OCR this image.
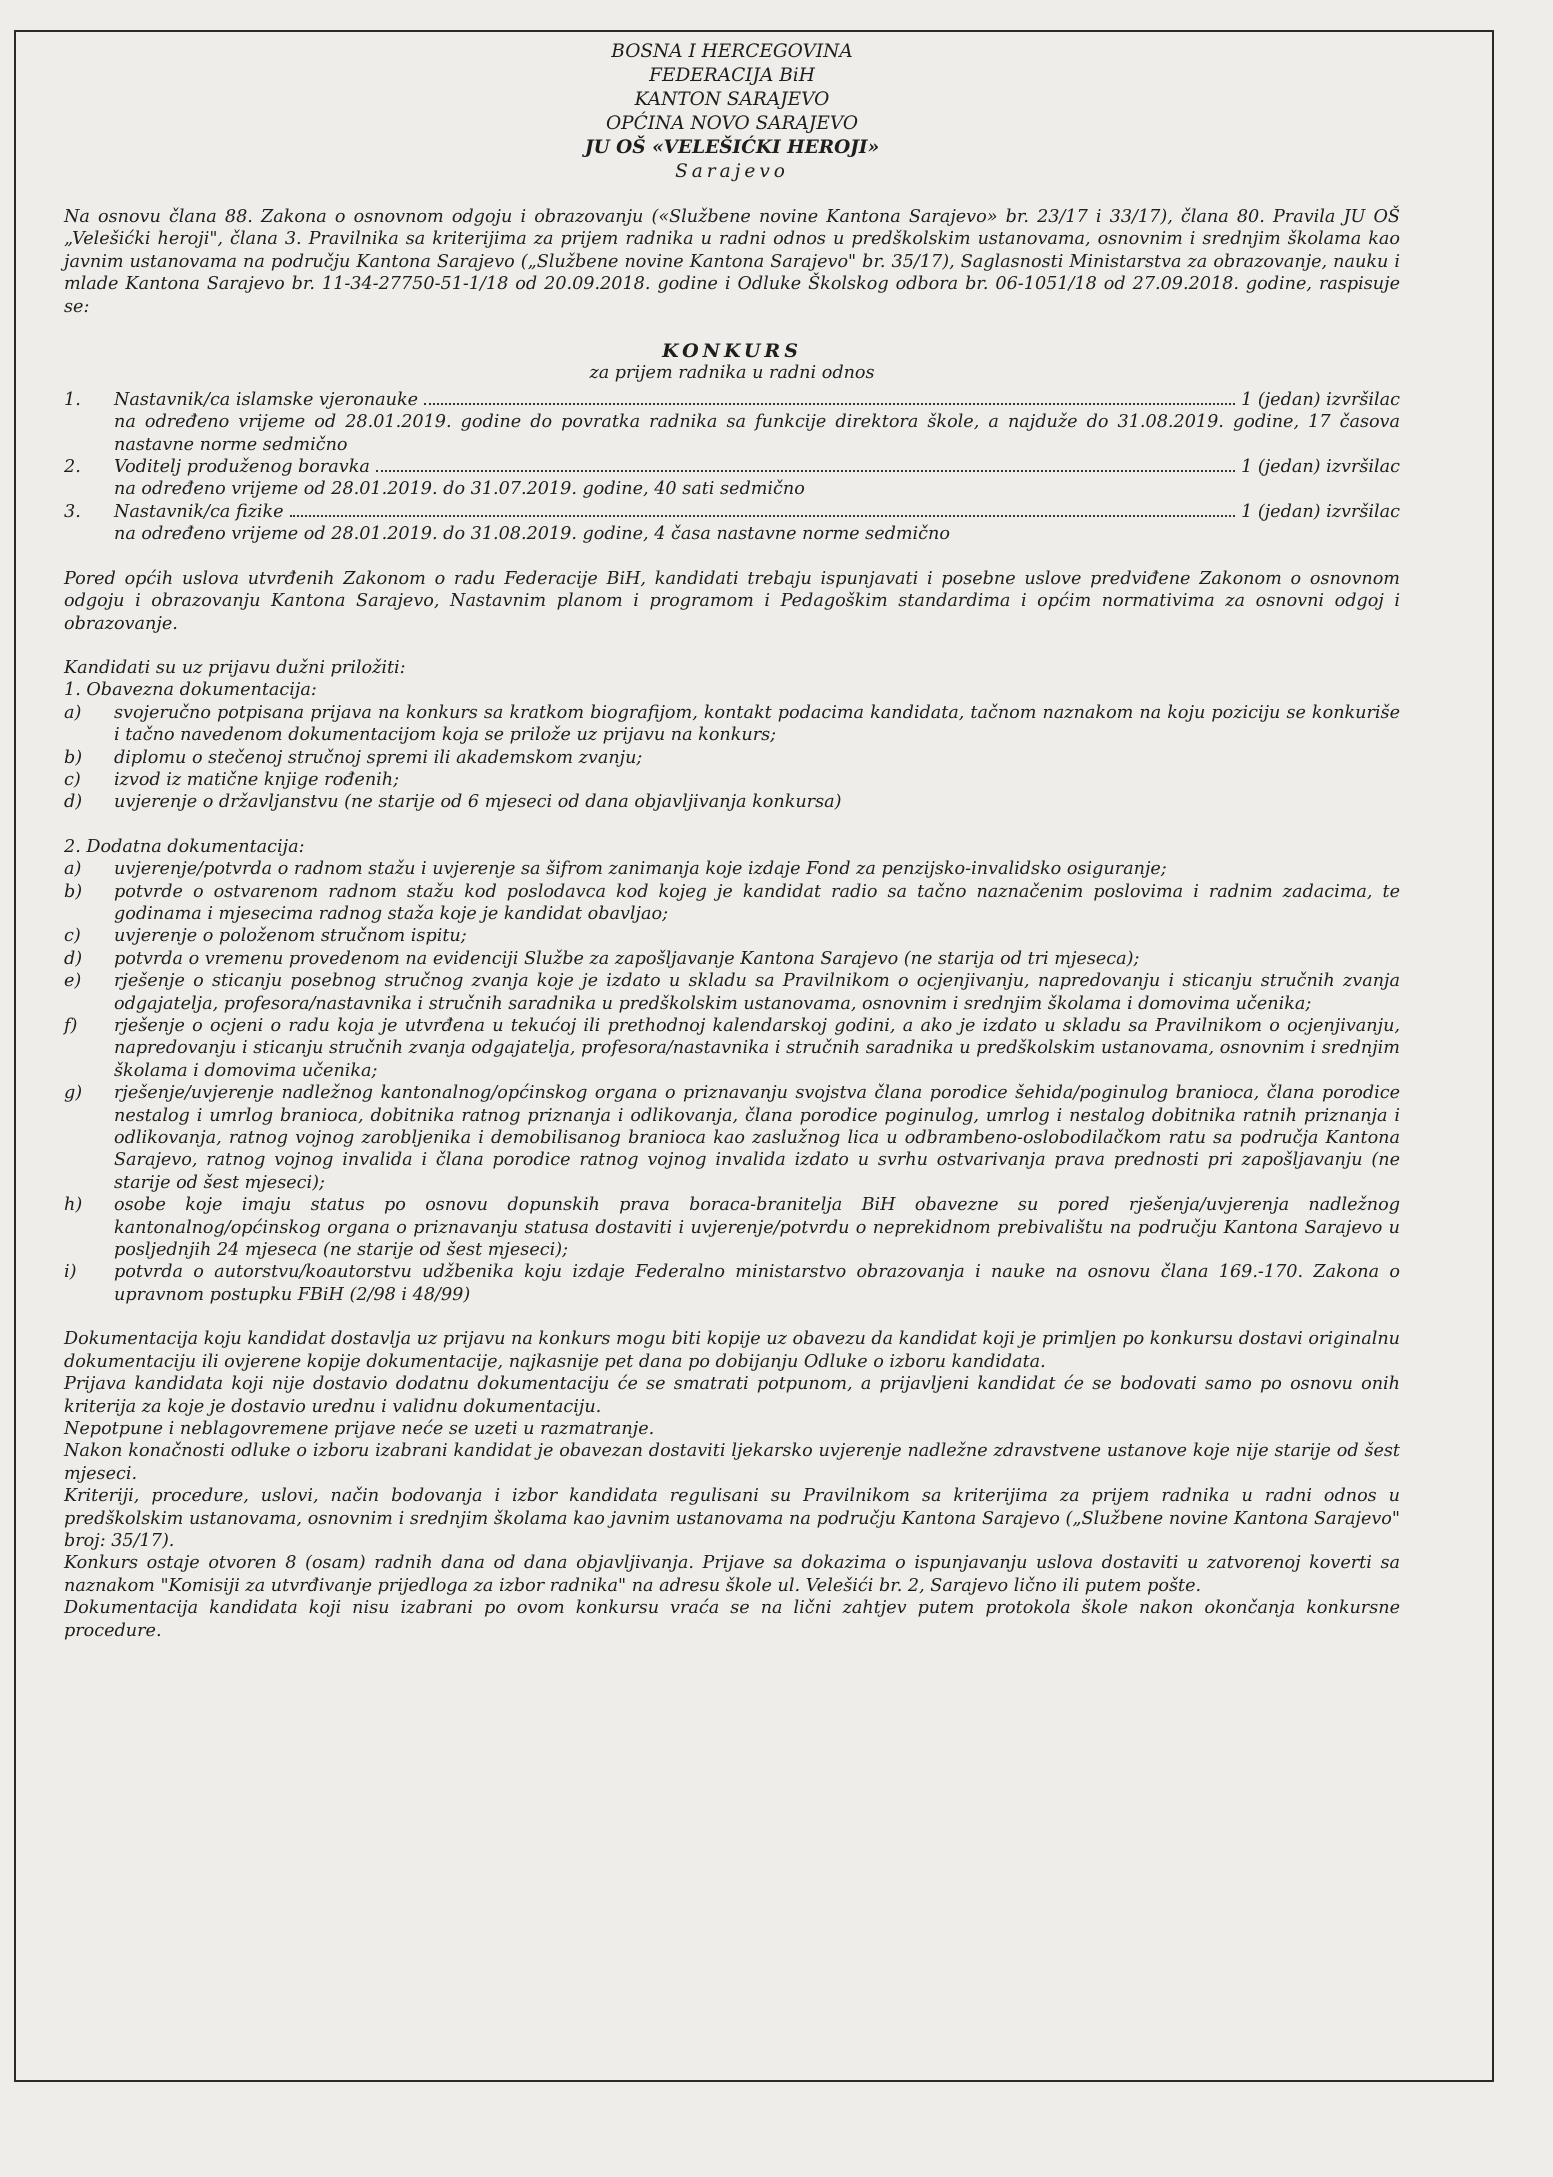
BOSNA I HERCEGOVINA
FEDERACIJA BiH
KANTON SARAJEVO
OPĆINA NOVO SARAJEVO
JU OŠ «VELEŠIĆKI HEROJI»
Sarajevo

Na osnovu člana 88. Zakona o osnovnom odgoju i obrazovanju («Službene novine Kantona Sarajevo» br. 23/17 i 33/17), člana 80. Pravila JU OŠ „Velešićki heroji", člana 3. Pravilnika sa kriterijima za prijem radnika u radni odnos u predškolskim ustanovama, osnovnim i srednjim školama kao javnim ustanovama na području Kantona Sarajevo („Službene novine Kantona Sarajevo" br. 35/17), Saglasnosti Ministarstva za obrazovanje, nauku i mlade Kantona Sarajevo br. 11-34-27750-51-1/18 od 20.09.2018. godine i Odluke Školskog odbora br. 06-1051/18 od 27.09.2018. godine, raspisuje se:

KONKURS
za prijem radnika u radni odnos
1.	Nastavnik/ca islamske vjeronauke	1 (jedan) izvršilac
na određeno vrijeme od 28.01.2019. godine do povratka radnika sa funkcije direktora škole, a najduže do 31.08.2019. godine, 17 časova nastavne norme sedmično
2.	Voditelj produženog boravka	1 (jedan) izvršilac
na određeno vrijeme od 28.01.2019. do 31.07.2019. godine, 40 sati sedmično
3.	Nastavnik/ca fizike	1 (jedan) izvršilac
na određeno vrijeme od 28.01.2019. do 31.08.2019. godine, 4 časa nastavne norme sedmično

Pored općih uslova utvrđenih Zakonom o radu Federacije BiH, kandidati trebaju ispunjavati i posebne uslove predviđene Zakonom o osnovnom odgoju i obrazovanju Kantona Sarajevo, Nastavnim planom i programom i Pedagoškim standardima i općim normativima za osnovni odgoj i obrazovanje.

Kandidati su uz prijavu dužni priložiti:

1. Obavezna dokumentacija:

a)	svojeručno potpisana prijava na konkurs sa kratkom biografijom, kontakt podacima kandidata, tačnom naznakom na koju poziciju se konkuriše i tačno navedenom dokumentacijom koja se prilože uz prijavu na konkurs;
b)	diplomu o stečenoj stručnoj spremi ili akademskom zvanju;
c)	izvod iz matične knjige rođenih;
d)	uvjerenje o državljanstvu (ne starije od 6 mjeseci od dana objavljivanja konkursa)

2. Dodatna dokumentacija:

a)	uvjerenje/potvrda o radnom stažu i uvjerenje sa šifrom zanimanja koje izdaje Fond za penzijsko-invalidsko osiguranje;
b)	potvrde o ostvarenom radnom stažu kod poslodavca kod kojeg je kandidat radio sa tačno naznačenim poslovima i radnim zadacima, te godinama i mjesecima radnog staža koje je kandidat obavljao;
c)	uvjerenje o položenom stručnom ispitu;
d)	potvrda o vremenu provedenom na evidenciji Službe za zapošljavanje Kantona Sarajevo (ne starija od tri mjeseca);
e)	rješenje o sticanju posebnog stručnog zvanja koje je izdato u skladu sa Pravilnikom o ocjenjivanju, napredovanju i sticanju stručnih zvanja odgajatelja, profesora/nastavnika i stručnih saradnika u predškolskim ustanovama, osnovnim i srednjim školama i domovima učenika;
f)	rješenje o ocjeni o radu koja je utvrđena u tekućoj ili prethodnoj kalendarskoj godini, a ako je izdato u skladu sa Pravilnikom o ocjenjivanju, napredovanju i sticanju stručnih zvanja odgajatelja, profesora/nastavnika i stručnih saradnika u predškolskim ustanovama, osnovnim i srednjim školama i domovima učenika;
g)	rješenje/uvjerenje nadležnog kantonalnog/općinskog organa o priznavanju svojstva člana porodice šehida/poginulog branioca, člana porodice nestalog i umrlog branioca, dobitnika ratnog priznanja i odlikovanja, člana porodice poginulog, umrlog i nestalog dobitnika ratnih priznanja i odlikovanja, ratnog vojnog zarobljenika i demobilisanog branioca kao zaslužnog lica u odbrambeno-oslobodilačkom ratu sa područja Kantona Sarajevo, ratnog vojnog invalida i člana porodice ratnog vojnog invalida izdato u svrhu ostvarivanja prava prednosti pri zapošljavanju (ne starije od šest mjeseci);
h)	osobe koje imaju status po osnovu dopunskih prava boraca-branitelja BiH obavezne su pored rješenja/uvjerenja nadležnog kantonalnog/općinskog organa o priznavanju statusa dostaviti i uvjerenje/potvrdu o neprekidnom prebivalištu na području Kantona Sarajevo u posljednjih 24 mjeseca (ne starije od šest mjeseci);
i)	potvrda o autorstvu/koautorstvu udžbenika koju izdaje Federalno ministarstvo obrazovanja i nauke na osnovu člana 169.-170. Zakona o upravnom postupku FBiH (2/98 i 48/99)

Dokumentacija koju kandidat dostavlja uz prijavu na konkurs mogu biti kopije uz obavezu da kandidat koji je primljen po konkursu dostavi originalnu dokumentaciju ili ovjerene kopije dokumentacije, najkasnije pet dana po dobijanju Odluke o izboru kandidata.

Prijava kandidata koji nije dostavio dodatnu dokumentaciju će se smatrati potpunom, a prijavljeni kandidat će se bodovati samo po osnovu onih kriterija za koje je dostavio urednu i validnu dokumentaciju.

Nepotpune i neblagovremene prijave neće se uzeti u razmatranje.

Nakon konačnosti odluke o izboru izabrani kandidat je obavezan dostaviti ljekarsko uvjerenje nadležne zdravstvene ustanove koje nije starije od šest mjeseci.

Kriteriji, procedure, uslovi, način bodovanja i izbor kandidata regulisani su Pravilnikom sa kriterijima za prijem radnika u radni odnos u predškolskim ustanovama, osnovnim i srednjim školama kao javnim ustanovama na području Kantona Sarajevo („Službene novine Kantona Sarajevo" broj: 35/17).

Konkurs ostaje otvoren 8 (osam) radnih dana od dana objavljivanja. Prijave sa dokazima o ispunjavanju uslova dostaviti u zatvorenoj koverti sa naznakom "Komisiji za utvrđivanje prijedloga za izbor radnika" na adresu škole ul. Velešići br. 2, Sarajevo lično ili putem pošte.

Dokumentacija kandidata koji nisu izabrani po ovom konkursu vraća se na lični zahtjev putem protokola škole nakon okončanja konkursne procedure.
